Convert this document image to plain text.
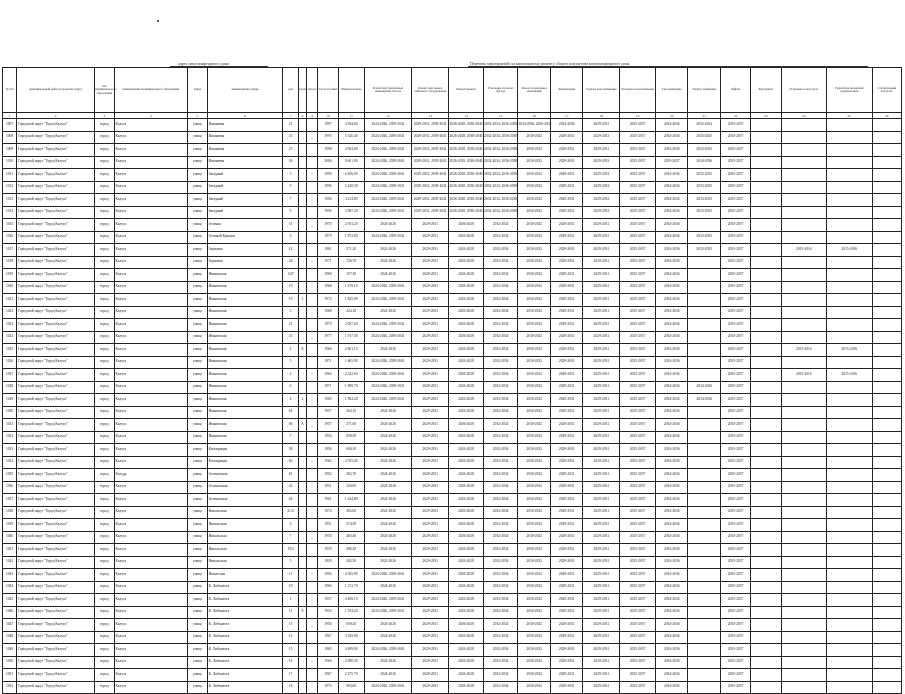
адрес многоквартирного дома	Перечень мероприятий по капитальному ремонту общего имущества многоквартирного дома
№ п/п	муниципальный район (городской округ)	тип муниципального образования	наименование муниципального образования	улица	наименование улицы	дом	корпус	литера	Год постройки	Общая площадь	Ремонт внутридомовых инженерных систем	Ремонт или замена лифтового оборудования	Ремонт крыши	Утепление и ремонт фасада	Ремонт подвальных помещений	Канализация	Горячее водоснабжение	Холодное водоснабжение	Газоснабжение	Электроснабжение	Лифты	Фундамент	Установка узлов учета	Разработка проектной документации	Строительный контроль
1	2	3	4	5	6	7	8	9	10	11	12	13	14	15	16	17	18	19	20	21	22	23	24	25	26
1007	Городской округ "Город Калуга"	город	Калуга	улица	Вишневая	21			1997	4 394,00	2024-2026, 2039-2041	2029-2031, 2039-2041	2026-2028, 2038-2040	2032-2034, 2036-2038	2034-2036, 2030-2032	2034-2036	2029-2031	2035-2037	2034-2036	2032-2034	2035-2037				
1008	Городской округ "Город Калуга"	город	Калуга	улица	Вишневая	23			1993	5 326,40	2024-2026, 2039-2041	2029-2031, 2039-2041	2026-2028, 2038-2040	2032-2034, 2036-2038	2030-2032	2029-2031	2029-2033	2035-2037	2034-2036	2033-2035	2035-2037				
1009	Городской округ "Город Калуга"	город	Калуга	улица	Вишневая	25			1998	4 563,80	2024-2026, 2039-2041	2029-2031, 2039-2041	2026-2028, 2038-2040	2032-2034, 2036-2038	2030-2032	2029-2031	2029-2031	2035-2037	2034-2036	2033-2035	2035-2037				
1010	Городской округ "Город Калуга"	город	Калуга	улица	Вишневая	30			2006	9 401,00	2024-2026, 2039-2041	2029-2031, 2039-2041	2026-2028, 2038-2040	2032-2034, 2036-2038	2030-2032	2029-2031	2029-2033	2035-2037	2035-2037	2034-2036	2035-2037				
1011	Городской округ "Город Калуга"	город	Калуга	улица	Звездный	3			1990	6 456,50	2024-2026, 2039-2041	2029-2031, 2039-2041	2026-2028, 2038-2040	2032-2034, 2036-2038	2030-2032	2029-2031	2029-2033	2035-2037	2034-2036	2033-2035	2035-2037				
1012	Городской округ "Город Калуга"	город	Калуга	улица	Звездный	5			1996	5 420,30	2024-2026, 2039-2041	2029-2031, 2039-2041	2026-2028, 2038-2040	2032-2034, 2036-2038	2030-2032	2029-2031	2029-2033	2035-2037	2034-2036	2033-2035	2035-2037				
1013	Городской округ "Город Калуга"	город	Калуга	улица	Звездный	7			1994	4 414,80	2024-2026, 2039-2041	2029-2031, 2039-2041	2026-2028, 2038-2040	2032-2034, 2036-2038	2030-2032	2029-2031	2029-2033	2035-2037	2034-2036	2033-2035	2035-2037				
1014	Городской округ "Город Калуга"	город	Калуга	улица	Звездный	9			1996	3 987,20	2024-2026, 2039-2041	2029-2031, 2039-2041	2026-2028, 2038-2040	2032-2034, 2036-2038	2030-2032	2029-2031	2029-2033	2035-2037	2034-2036	2033-2035	2035-2037				
1015	Городской округ "Город Калуга"	город	Калуга	улица	Зеленая	51			1970	2 953,20	2024-2026	2029-2031	2026-2028	2032-2034	2030-2032	2029-2031	2029-2031	2035-2037	2034-2036		2035-2037				
1016	Городской округ "Город Калуга"	город	Калуга	улица	Зеленый Крымок	3			1979	1 972,80	2024-2026, 2039-2041	2029-2031	2026-2028	2032-2034	2030-2032	2029-2031	2029-2031	2035-2037	2034-2036	2033-2035	2035-2037				
1017	Городской округ "Город Калуга"	город	Калуга	улица	Зерновая	12			1961	571,20	2024-2026	2029-2031	2026-2028	2032-2034	2030-2032	2029-2031	2029-2031	2035-2037	2034-2036	2033-2035	2035-2037		2015-2016	2015-2016	
1018	Городской округ "Город Калуга"	город	Калуга	улица	Зерновая	26			1971	726,70	2024-2026	2029-2031	2026-2028	2032-2034	2030-2032	2029-2031	2029-2031	2035-2037	2034-2036		2035-2037				
1019	Городской округ "Город Калуга"	город	Калуга	улица	Ивановская	1/47			1968	157,30	2024-2026	2029-2031	2026-2028	2032-2034	2030-2032	2029-2031	2029-2031	2035-2037	2034-2036		2035-2037				
1020	Городской округ "Город Калуга"	город	Калуга	улица	Ивановская	19			1968	1 470,10	2024-2026, 2039-2041	2029-2031	2026-2028	2032-2034	2030-2032	2029-2031	2029-2031	2035-2037	2034-2036		2035-2037				
1021	Городской округ "Город Калуга"	город	Калуга	улица	Ивановская	19	1		1972	1 825,90	2024-2026, 2039-2041	2029-2031	2026-2028	2032-2034	2030-2032	2029-2031	2029-2031	2035-2037	2034-2036		2035-2037				
1022	Городской округ "Город Калуга"	город	Калуга	улица	Ивановская	3			1968	424,10	2024-2026	2029-2031	2026-2028	2032-2034	2030-2032	2029-2031	2029-2031	2035-2037	2034-2036		2035-2037				
1023	Городской округ "Город Калуга"	город	Калуга	улица	Ивановская	21			1970	2 057,60	2024-2026, 2039-2041	2029-2031	2026-2028	2032-2034	2030-2032	2029-2031	2029-2031	2035-2037	2034-2036		2035-2037				
1024	Городской округ "Город Калуга"	город	Калуга	улица	Ивановская	23			1977	1 917,30	2024-2026, 2039-2041	2029-2031	2026-2028	2032-2034	2030-2032	2029-2031	2029-2031	2035-2037	2034-2036		2035-2037				
1025	Городской округ "Город Калуга"	город	Калуга	улица	Ивановская	2	А		1966	2 601,10	2024-2026	2029-2031	2026-2028	2032-2034	2030-2032	2029-2031	2029-2031	2035-2037	2034-2036		2035-2037		2015-2016	2015-2016	
1026	Городской округ "Город Калуга"	город	Калуга	улица	Ивановская	5			1971	1 605,90	2024-2026, 2039-2041	2029-2031	2026-2028	2032-2034	2030-2032	2029-2031	2029-2031	2035-2037	2034-2036		2035-2037				
1027	Городской округ "Город Калуга"	город	Калуга	улица	Ивановская	4			1964	2 342,60	2024-2026, 2039-2041	2029-2031	2026-2028	2032-2034	2030-2032	2029-2031	2029-2031	2035-2037	2034-2036		2035-2037		2015-2016	2015-2016	
1028	Городской округ "Город Калуга"	город	Калуга	улица	Ивановская	6			1971	1 908,70	2024-2026, 2039-2041	2029-2031	2026-2028	2032-2034	2030-2032	2029-2031	2029-2031	2035-2037	2034-2036	2034-2036	2035-2037				
1029	Городской округ "Город Калуга"	город	Калуга	улица	Ивановская	4	2		1965	1 962,20	2024-2026, 2039-2041	2029-2031	2026-2028	2032-2034	2030-2032	2029-2031	2029-2031	2035-2037	2034-2036	2034-2036	2035-2037				
1030	Городской округ "Город Калуга"	город	Калуга	улица	Ивановская	64			1957	264,10	2024-2026	2029-2031	2026-2028	2032-2034	2030-2032	2029-2031	2029-2031	2035-2037	2034-2036		2035-2037				
1031	Городской округ "Город Калуга"	город	Калуга	улица	Ивановская	66	А		1957	271,60	2024-2026	2029-2031	2026-2028	2032-2034	2030-2032	2029-2031	2029-2031	2035-2037	2034-2036		2035-2037				
1032	Городской округ "Город Калуга"	город	Калуга	улица	Ивановская	7			1956	658,50	2024-2026	2029-2031	2026-2028	2032-2034	2030-2032	2029-2031	2029-2031	2035-2037	2034-2036		2035-2037				
1033	Городской округ "Город Калуга"	город	Калуга	улица	Кооперации	58			1956	694,10	2024-2026	2029-2031	2026-2028	2032-2034	2030-2032	2029-2031	2029-2031	2035-2037	2034-2036		2035-2037				
1034	Городской округ "Город Калуга"	город	Калуга	улица	Кооперации	60			1962	2 935,40	2024-2026	2029-2031	2026-2028	2032-2034	2030-2032	2029-2031	2029-2031	2035-2037	2034-2036		2035-2037				
1035	Городской округ "Город Калуга"	город	Калуga	улица	Зеленовская	61			1952	382,70	2024-2026	2029-2031	2026-2028	2032-2034	2030-2032	2029-2031	2029-2031	2035-2037	2034-2036		2035-2037				
1036	Городской округ "Город Калуга"	город	Калуга	улица	Зеленовская	42			1951	343,90	2024-2026	2029-2031	2026-2028	2032-2034	2030-2032	2029-2031	2029-2031	2035-2037	2034-2036		2035-2037				
1037	Городской округ "Город Калуга"	город	Калуга	улица	Зеленовская	44			1961	1 444,80	2024-2026	2029-2031	2026-2028	2032-2034	2030-2032	2029-2031	2029-2031	2035-2037	2034-2036		2035-2037				
1038	Городской округ "Город Калуга"	город	Калуга	улица	Никольская	2/13			1974	492,00	2024-2026	2029-2031	2026-2028	2032-2034	2030-2032	2029-2031	2029-2031	2035-2037	2034-2036		2035-2037				
1039	Городской округ "Город Калуга"	город	Калуга	улица	Никольская	3			1951	574,50	2024-2026	2029-2031	2026-2028	2032-2034	2030-2032	2029-2031	2029-2031	2035-2037	2034-2036		2035-2037				
1040	Городской округ "Город Калуга"	город	Калуга	улица	Никольская	7			1950	465,40	2024-2026	2029-2031	2026-2028	2032-2034	2030-2032	2029-2031	2029-2031	2035-2037	2034-2036		2035-2037				
1041	Городской округ "Город Калуга"	город	Калуга	улица	Никольская	19/2			1939	286,20	2024-2026	2029-2031	2026-2028	2032-2034	2030-2032	2029-2031	2029-2031	2035-2037	2034-2036		2035-2037				
1042	Городской округ "Город Калуга"	город	Калуга	улица	Никольская	5			1939	282,30	2024-2026	2029-2031	2026-2028	2032-2034	2030-2032	2029-2031	2029-2031	2035-2037	2034-2036		2035-2037				
1043	Городской округ "Город Калуга"	город	Калуга	улица	Никитская	11			1994	4 365,90	2024-2026, 2039-2041	2029-2031	2026-2028	2032-2034	2030-2032	2029-2031	2029-2031	2035-2037	2034-2036		2035-2037				
1044	Городской округ "Город Калуга"	город	Калуга	улица	К. Либкнехта	10			1966	1 172,70	2024-2026	2029-2031	2026-2028	2032-2034	2030-2032	2029-2031	2029-2031	2035-2037	2034-2036		2035-2037				
1045	Городской округ "Город Калуга"	город	Калуга	улица	К. Либкнехта	1			1957	4 406,10	2024-2026, 2039-2041	2029-2031	2026-2028	2032-2034	2030-2032	2029-2031	2029-2031	2035-2037	2034-2036		2035-2037				
1046	Городской округ "Город Калуга"	город	Калуга	улица	К. Либкнехта	11	А		1954	1 554,20	2024-2026, 2039-2041	2029-2031	2026-2028	2032-2034	2030-2032	2029-2031	2029-2031	2035-2037	2034-2036		2035-2037				
1047	Городской округ "Город Калуга"	город	Калуга	улица	К. Либкнехта	13			1956	658,20	2024-2026	2029-2031	2026-2028	2032-2034	2030-2032	2029-2031	2029-2031	2035-2037	2034-2036		2035-2037				
1048	Городской округ "Город Калуга"	город	Калуга	улица	К. Либкнехта	14			1967	3 329,90	2024-2026	2029-2031	2026-2028	2032-2034	2030-2032	2029-2031	2029-2031	2035-2037	2034-2036		2035-2037				
1049	Городской округ "Город Калуга"	город	Калуга	улица	К. Либкнехта	15			1965	4 409,90	2024-2026, 2039-2041	2029-2031	2026-2028	2032-2034	2030-2032	2029-2031	2029-2031	2035-2037	2034-2036		2035-2037				
1050	Городской округ "Город Калуга"	город	Калуга	улица	К. Либкнехта	16			1960	2 090,30	2024-2026	2029-2031	2026-2028	2032-2034	2030-2032	2029-2031	2029-2031	2035-2037	2034-2036		2035-2037				
1051	Городской округ "Город Калуга"	город	Калуга	улица	К. Либкнехта	17			1967	2 275,70	2024-2026	2029-2031	2026-2028	2032-2034	2030-2032	2029-2031	2029-2031	2035-2037	2034-2036		2035-2037				
1052	Городской округ "Город Калуга"	город	Калуга	улица	К. Либкнехта	18			1974	903,60	2024-2026, 2039-2041	2029-2031	2026-2028	2032-2034	2030-2032	2029-2031	2029-2031	2035-2037	2034-2036		2035-2037				
